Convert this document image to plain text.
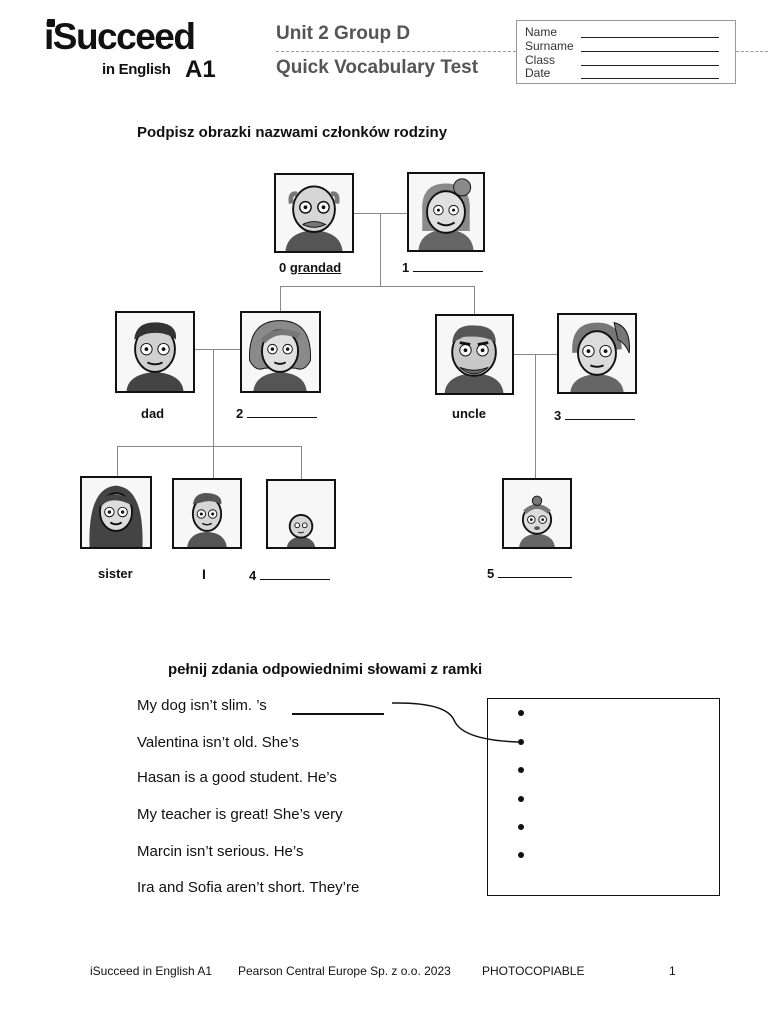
iSucceed
in English A1
Unit 2 Group D
Quick Vocabulary Test
Name
Surname
Class
Date
Podpisz obrazki nazwami członków rodziny
0 grandad	1
dad	2	uncle	3
sister	I	4	5
pełnij zdania odpowiednimi słowami z ramki
My dog isn’t slim. ’s
Valentina isn’t old. She’s
Hasan is a good student. He’s
My teacher is great! She’s very
Marcin isn’t serious. He’s
Ira and Sofia aren’t short. They’re
iSucceed in English A1 Pearson Central Europe Sp. z o.o. 2023	PHOTOCOPIABLE	1
